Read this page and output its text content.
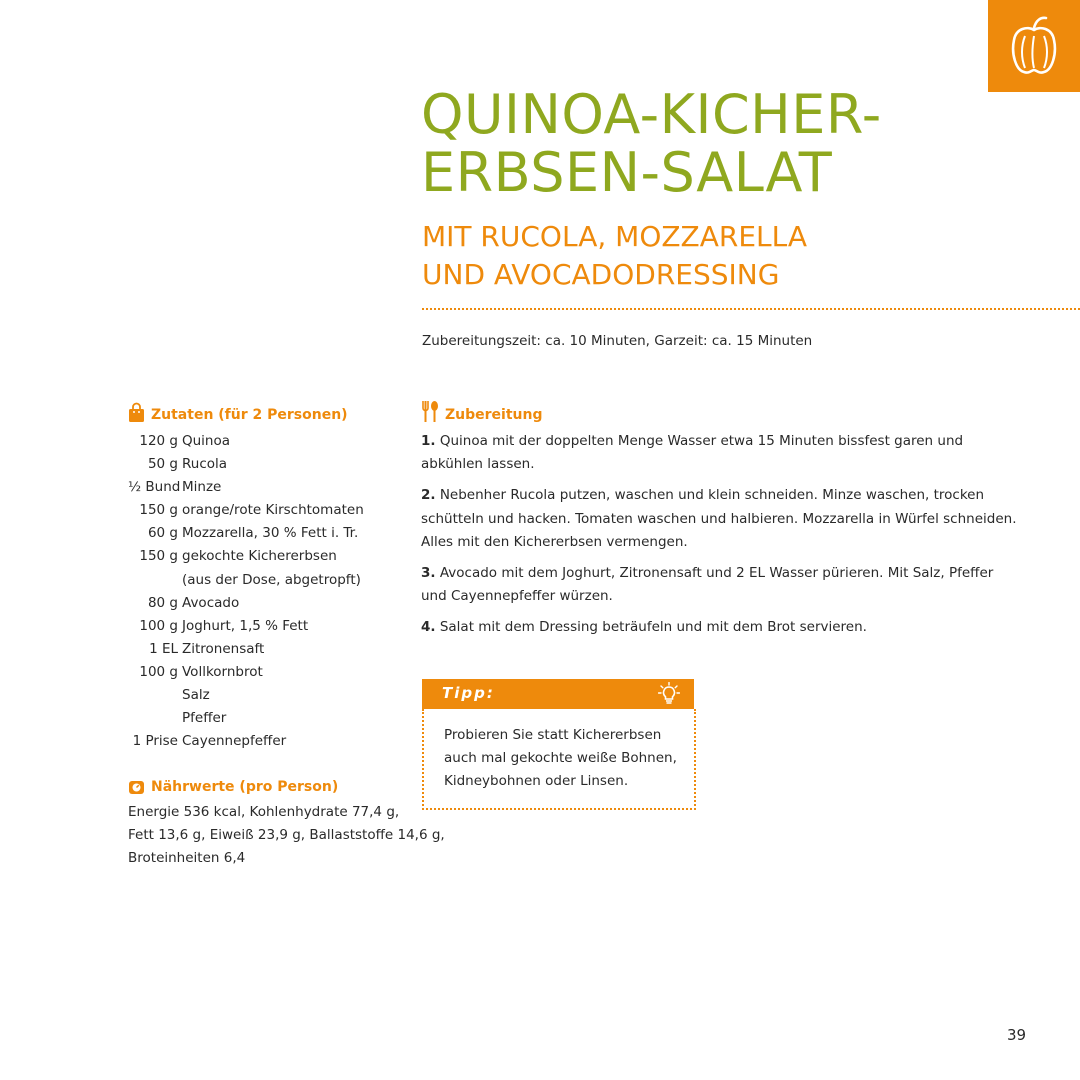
QUINOA-KICHER-
ERBSEN-SALAT
MIT RUCOLA, MOZZARELLA
UND AVOCADODRESSING
Zubereitungszeit: ca. 10 Minuten, Garzeit: ca. 15 Minuten
Zutaten (für 2 Personen)
120 g Quinoa
50 g Rucola
½ Bund Minze
150 g orange/rote Kirschtomaten
60 g Mozzarella, 30 % Fett i. Tr.
150 g gekochte Kichererbsen
(aus der Dose, abgetropft)
80 g Avocado
100 g Joghurt, 1,5 % Fett
1 EL Zitronensaft
100 g Vollkornbrot
Salz
Pfeffer
1 Prise Cayennepfeffer
Nährwerte (pro Person)

Energie 536 kcal, Kohlenhydrate 77,4 g,
Fett 13,6 g, Eiweiß 23,9 g, Ballaststoffe 14,6 g,
Broteinheiten 6,4

Zubereitung

1. Quinoa mit der doppelten Menge Wasser etwa 15 Minuten bissfest garen und
abkühlen lassen.

2. Nebenher Rucola putzen, waschen und klein schneiden. Minze waschen, trocken
schütteln und hacken. Tomaten waschen und halbieren. Mozzarella in Würfel schneiden.
Alles mit den Kichererbsen vermengen.

3. Avocado mit dem Joghurt, Zitronensaft und 2 EL Wasser pürieren. Mit Salz, Pfeffer
und Cayennepfeffer würzen.

4. Salat mit dem Dressing beträufeln und mit dem Brot servieren.

Tipp:

Probieren Sie statt Kichererbsen
auch mal gekochte weiße Bohnen,
Kidneybohnen oder Linsen.

39
